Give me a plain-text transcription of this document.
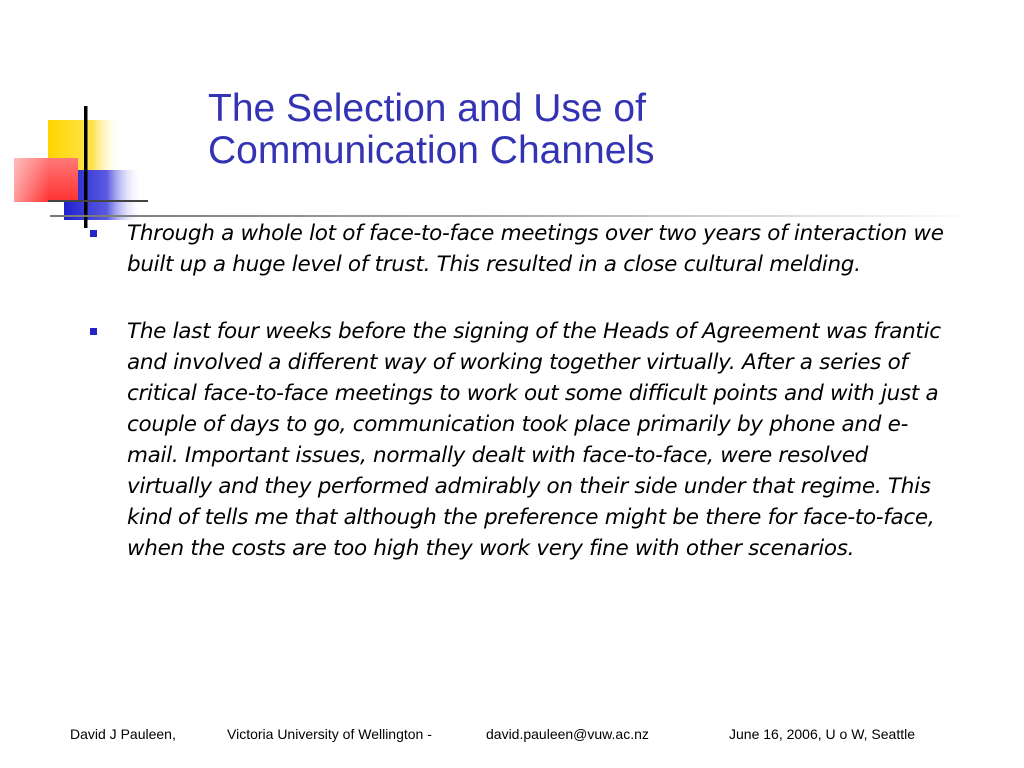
The Selection and Use of
Communication Channels
Through a whole lot of face-to-face meetings over two years of interaction we built up a huge level of trust. This resulted in a close cultural melding.
The last four weeks before the signing of the Heads of Agreement was frantic and involved a different way of working together virtually. After a series of critical face-to-face meetings to work out some difficult points and with just a couple of days to go, communication took place primarily by phone and e-mail. Important issues, normally dealt with face-to-face, were resolved virtually and they performed admirably on their side under that regime. This kind of tells me that although the preference might be there for face-to-face, when the costs are too high they work very fine with other scenarios.
David J Pauleen,	Victoria University of Wellington -	david.pauleen@vuw.ac.nz	June 16, 2006, U o W, Seattle
